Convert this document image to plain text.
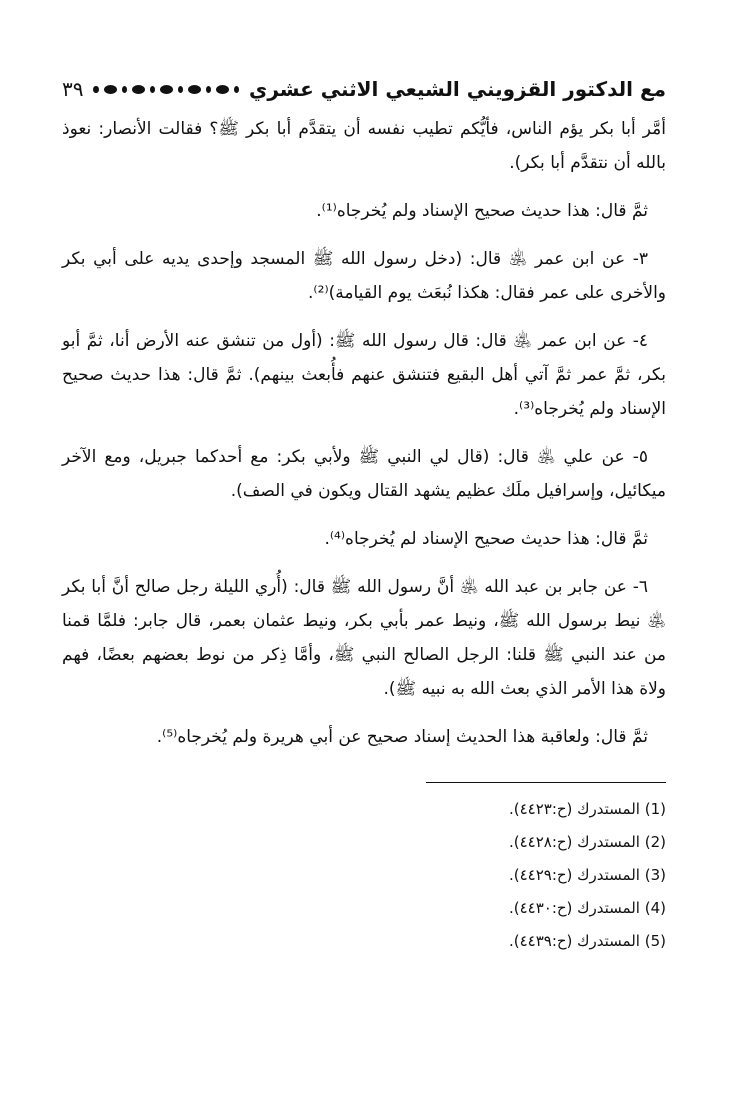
مع الدكتور القزويني الشيعي الاثني عشري
٣٩

أمَّر أبا بكر يؤم الناس، فأيُّكم تطيب نفسه أن يتقدَّم أبا بكر ﷺ؟ فقالت الأنصار: نعوذ بالله أن نتقدَّم أبا بكر).

ثمَّ قال: هذا حديث صحيح الإسناد ولم يُخرجاه⁽¹⁾.

٣- عن ابن عمر ﵁ قال: (دخل رسول الله ﷺ المسجد وإحدى يديه على أبي بكر والأخرى على عمر فقال: هكذا نُبعَث يوم القيامة)⁽²⁾.

٤- عن ابن عمر ﵁ قال: قال رسول الله ﷺ: (أول من تنشق عنه الأرض أنا، ثمَّ أبو بكر، ثمَّ عمر ثمَّ آتي أهل البقيع فتنشق عنهم فأُبعث بينهم). ثمَّ قال: هذا حديث صحيح الإسناد ولم يُخرجاه⁽³⁾.

٥- عن علي ﵁ قال: (قال لي النبي ﷺ ولأبي بكر: مع أحدكما جبريل، ومع الآخر ميكائيل، وإسرافيل ملَك عظيم يشهد القتال ويكون في الصف).

ثمَّ قال: هذا حديث صحيح الإسناد لم يُخرجاه⁽⁴⁾.

٦- عن جابر بن عبد الله ﵁ أنَّ رسول الله ﷺ قال: (أُري الليلة رجل صالح أنَّ أبا بكر ﵁ نيط برسول الله ﷺ، ونيط عمر بأبي بكر، ونيط عثمان بعمر، قال جابر: فلمَّا قمنا من عند النبي ﷺ قلنا: الرجل الصالح النبي ﷺ، وأمَّا ذِكر من نوط بعضهم بعضًا، فهم ولاة هذا الأمر الذي بعث الله به نبيه ﷺ).

ثمَّ قال: ولعاقبة هذا الحديث إسناد صحيح عن أبي هريرة ولم يُخرجاه⁽⁵⁾.

(1) المستدرك (ح:٤٤٢٣).

(2) المستدرك (ح:٤٤٢٨).

(3) المستدرك (ح:٤٤٢٩).

(4) المستدرك (ح:٤٤٣٠).

(5) المستدرك (ح:٤٤٣٩).
